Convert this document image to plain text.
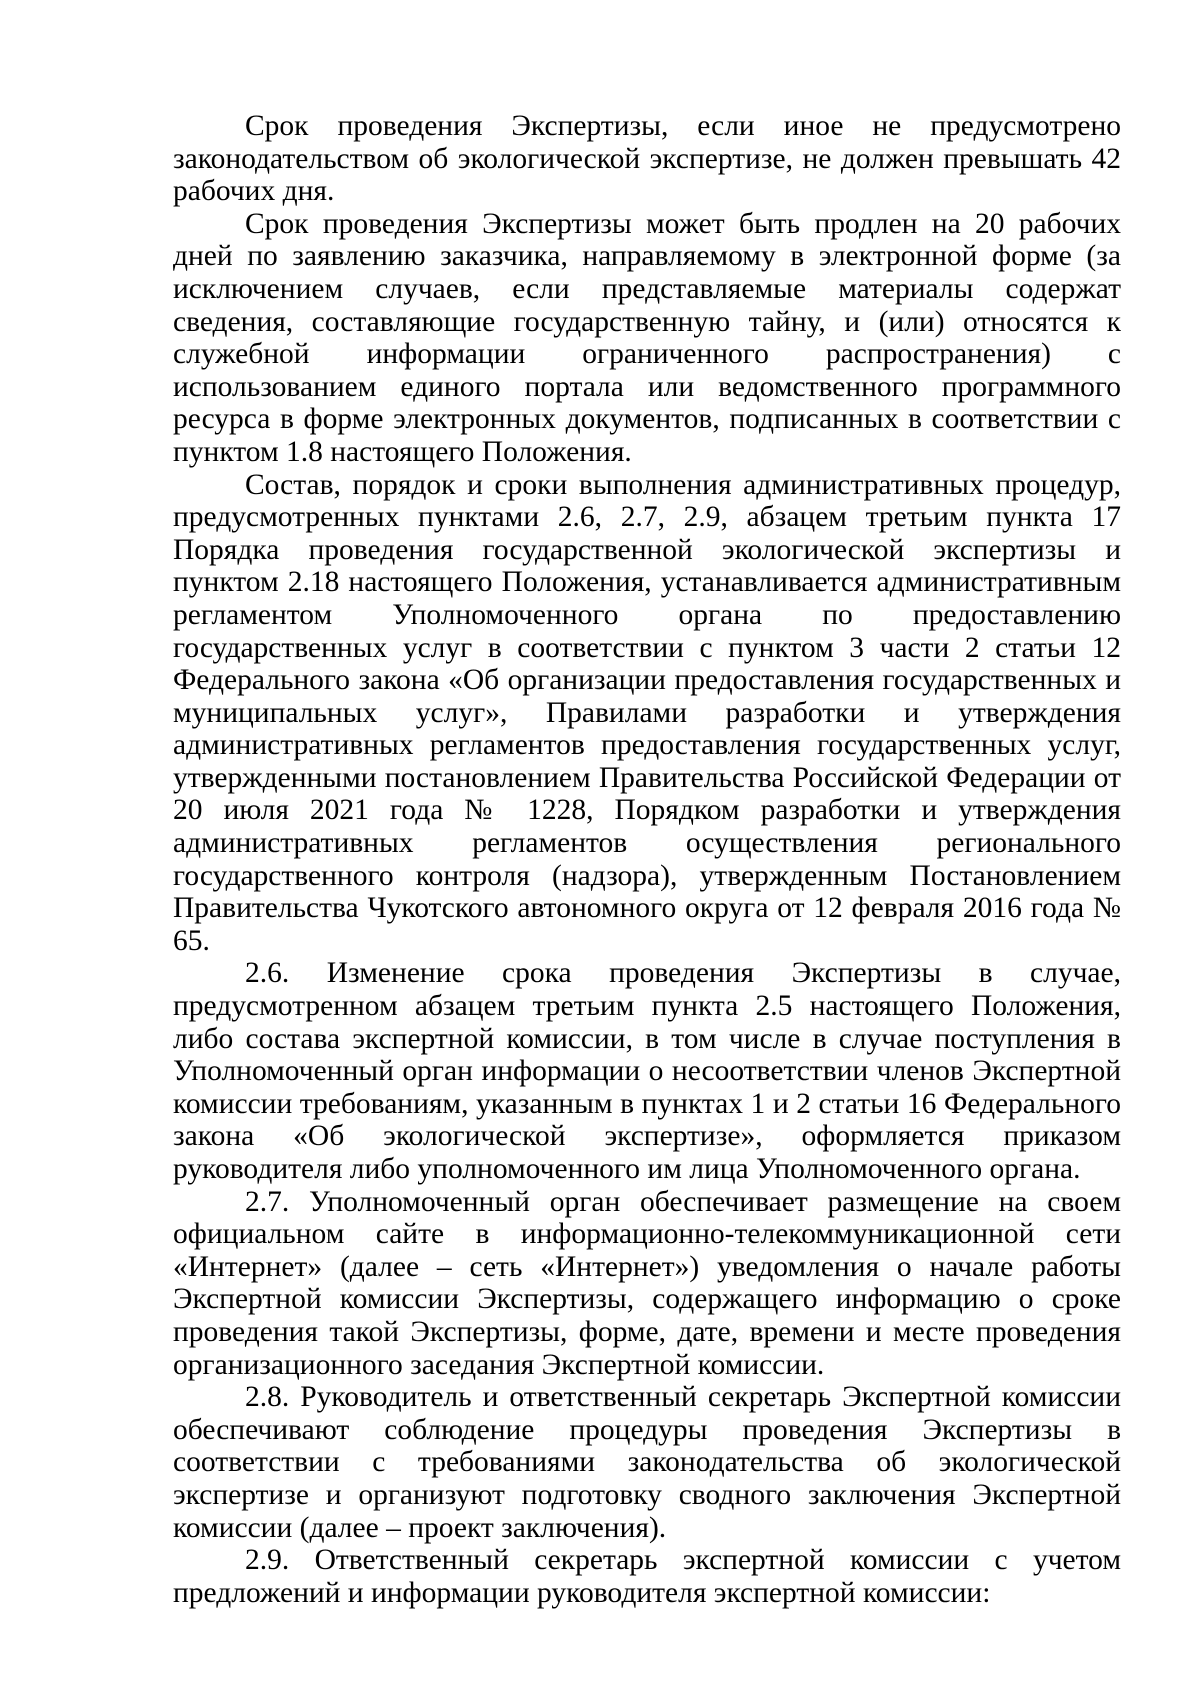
Срок проведения Экспертизы, если иное не предусмотрено законодательством об экологической экспертизе, не должен превышать 42 рабочих дня.

Срок проведения Экспертизы может быть продлен на 20 рабочих дней по заявлению заказчика, направляемому в электронной форме (за исключением случаев, если представляемые материалы содержат сведения, составляющие государственную тайну, и (или) относятся к служебной информации ограниченного распространения) с использованием единого портала или ведомственного программного ресурса в форме электронных документов, подписанных в соответствии с пунктом 1.8 настоящего Положения.

Состав, порядок и сроки выполнения административных процедур, предусмотренных пунктами 2.6, 2.7, 2.9, абзацем третьим пункта 17 Порядка проведения государственной экологической экспертизы и пунктом 2.18 настоящего Положения, устанавливается административным регламентом Уполномоченного органа по предоставлению государственных услуг в соответствии с пунктом 3 части 2 статьи 12 Федерального закона «Об организации предоставления государственных и муниципальных услуг», Правилами разработки и утверждения административных регламентов предоставления государственных услуг, утвержденными постановлением Правительства Российской Федерации от 20 июля 2021 года № 1228, Порядком разработки и утверждения административных регламентов осуществления регионального государственного контроля (надзора), утвержденным Постановлением Правительства Чукотского автономного округа от 12 февраля 2016 года № 65.

2.6. Изменение срока проведения Экспертизы в случае, предусмотренном абзацем третьим пункта 2.5 настоящего Положения, либо состава экспертной комиссии, в том числе в случае поступления в Уполномоченный орган информации о несоответствии членов Экспертной комиссии требованиям, указанным в пунктах 1 и 2 статьи 16 Федерального закона «Об экологической экспертизе», оформляется приказом руководителя либо уполномоченного им лица Уполномоченного органа.

2.7. Уполномоченный орган обеспечивает размещение на своем официальном сайте в информационно-телекоммуникационной сети «Интернет» (далее – сеть «Интернет») уведомления о начале работы Экспертной комиссии Экспертизы, содержащего информацию о сроке проведения такой Экспертизы, форме, дате, времени и месте проведения организационного заседания Экспертной комиссии.

2.8. Руководитель и ответственный секретарь Экспертной комиссии обеспечивают соблюдение процедуры проведения Экспертизы в соответствии с требованиями законодательства об экологической экспертизе и организуют подготовку сводного заключения Экспертной комиссии (далее – проект заключения).

2.9. Ответственный секретарь экспертной комиссии с учетом предложений и информации руководителя экспертной комиссии:
